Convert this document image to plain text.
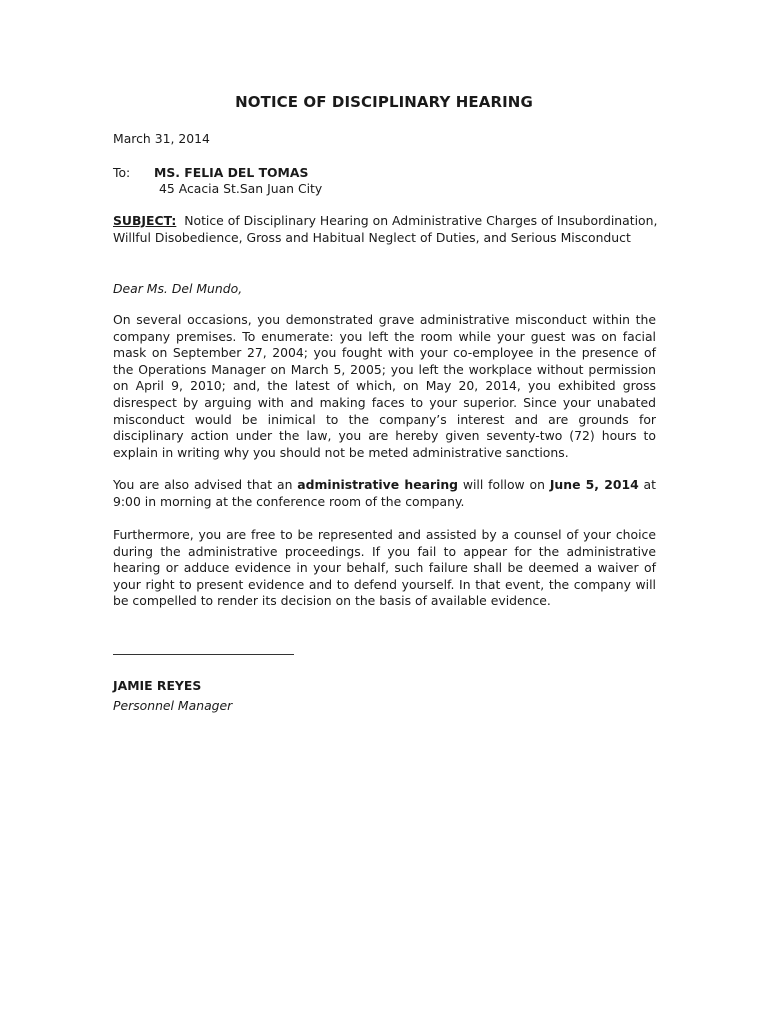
NOTICE OF DISCIPLINARY HEARING
March 31, 2014
To: MS. FELIA DEL TOMAS
45 Acacia St.San Juan City
SUBJECT: Notice of Disciplinary Hearing on Administrative Charges of Insubordination, Willful Disobedience, Gross and Habitual Neglect of Duties, and Serious Misconduct
Dear Ms. Del Mundo,
On several occasions, you demonstrated grave administrative misconduct within the company premises. To enumerate: you left the room while your guest was on facial mask on September 27, 2004; you fought with your co-employee in the presence of the Operations Manager on March 5, 2005; you left the workplace without permission on April 9, 2010; and, the latest of which, on May 20, 2014, you exhibited gross disrespect by arguing with and making faces to your superior. Since your unabated misconduct would be inimical to the company’s interest and are grounds for disciplinary action under the law, you are hereby given seventy-two (72) hours to explain in writing why you should not be meted administrative sanctions.
You are also advised that an administrative hearing will follow on June 5, 2014 at 9:00 in morning at the conference room of the company.
Furthermore, you are free to be represented and assisted by a counsel of your choice during the administrative proceedings. If you fail to appear for the administrative hearing or adduce evidence in your behalf, such failure shall be deemed a waiver of your right to present evidence and to defend yourself. In that event, the company will be compelled to render its decision on the basis of available evidence.
JAMIE REYES
Personnel Manager
